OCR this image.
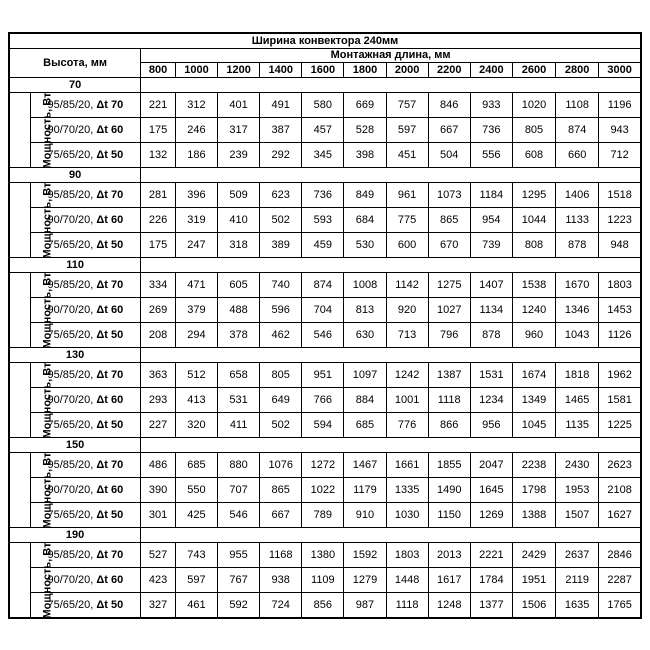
Ширина конвектора 240мм													
Высота, мм		Монтажная длина, мм											
		800	1000	1200	1400	1600	1800	2000	2200	2400	2600	2800	3000
70													
Мощность, Вт	95/85/20, Δt 70	221	312	401	491	580	669	757	846	933	1020	1108	1196
	90/70/20, Δt 60	175	246	317	387	457	528	597	667	736	805	874	943
	75/65/20, Δt 50	132	186	239	292	345	398	451	504	556	608	660	712
90													
Мощность, Вт	95/85/20, Δt 70	281	396	509	623	736	849	961	1073	1184	1295	1406	1518
	90/70/20, Δt 60	226	319	410	502	593	684	775	865	954	1044	1133	1223
	75/65/20, Δt 50	175	247	318	389	459	530	600	670	739	808	878	948
110													
Мощность, Вт	95/85/20, Δt 70	334	471	605	740	874	1008	1142	1275	1407	1538	1670	1803
	90/70/20, Δt 60	269	379	488	596	704	813	920	1027	1134	1240	1346	1453
	75/65/20, Δt 50	208	294	378	462	546	630	713	796	878	960	1043	1126
130													
Мощность, Вт	95/85/20, Δt 70	363	512	658	805	951	1097	1242	1387	1531	1674	1818	1962
	90/70/20, Δt 60	293	413	531	649	766	884	1001	1118	1234	1349	1465	1581
	75/65/20, Δt 50	227	320	411	502	594	685	776	866	956	1045	1135	1225
150													
Мощность, Вт	95/85/20, Δt 70	486	685	880	1076	1272	1467	1661	1855	2047	2238	2430	2623
	90/70/20, Δt 60	390	550	707	865	1022	1179	1335	1490	1645	1798	1953	2108
	75/65/20, Δt 50	301	425	546	667	789	910	1030	1150	1269	1388	1507	1627
190													
Мощность, Вт	95/85/20, Δt 70	527	743	955	1168	1380	1592	1803	2013	2221	2429	2637	2846
	90/70/20, Δt 60	423	597	767	938	1109	1279	1448	1617	1784	1951	2119	2287
	75/65/20, Δt 50	327	461	592	724	856	987	1118	1248	1377	1506	1635	1765
